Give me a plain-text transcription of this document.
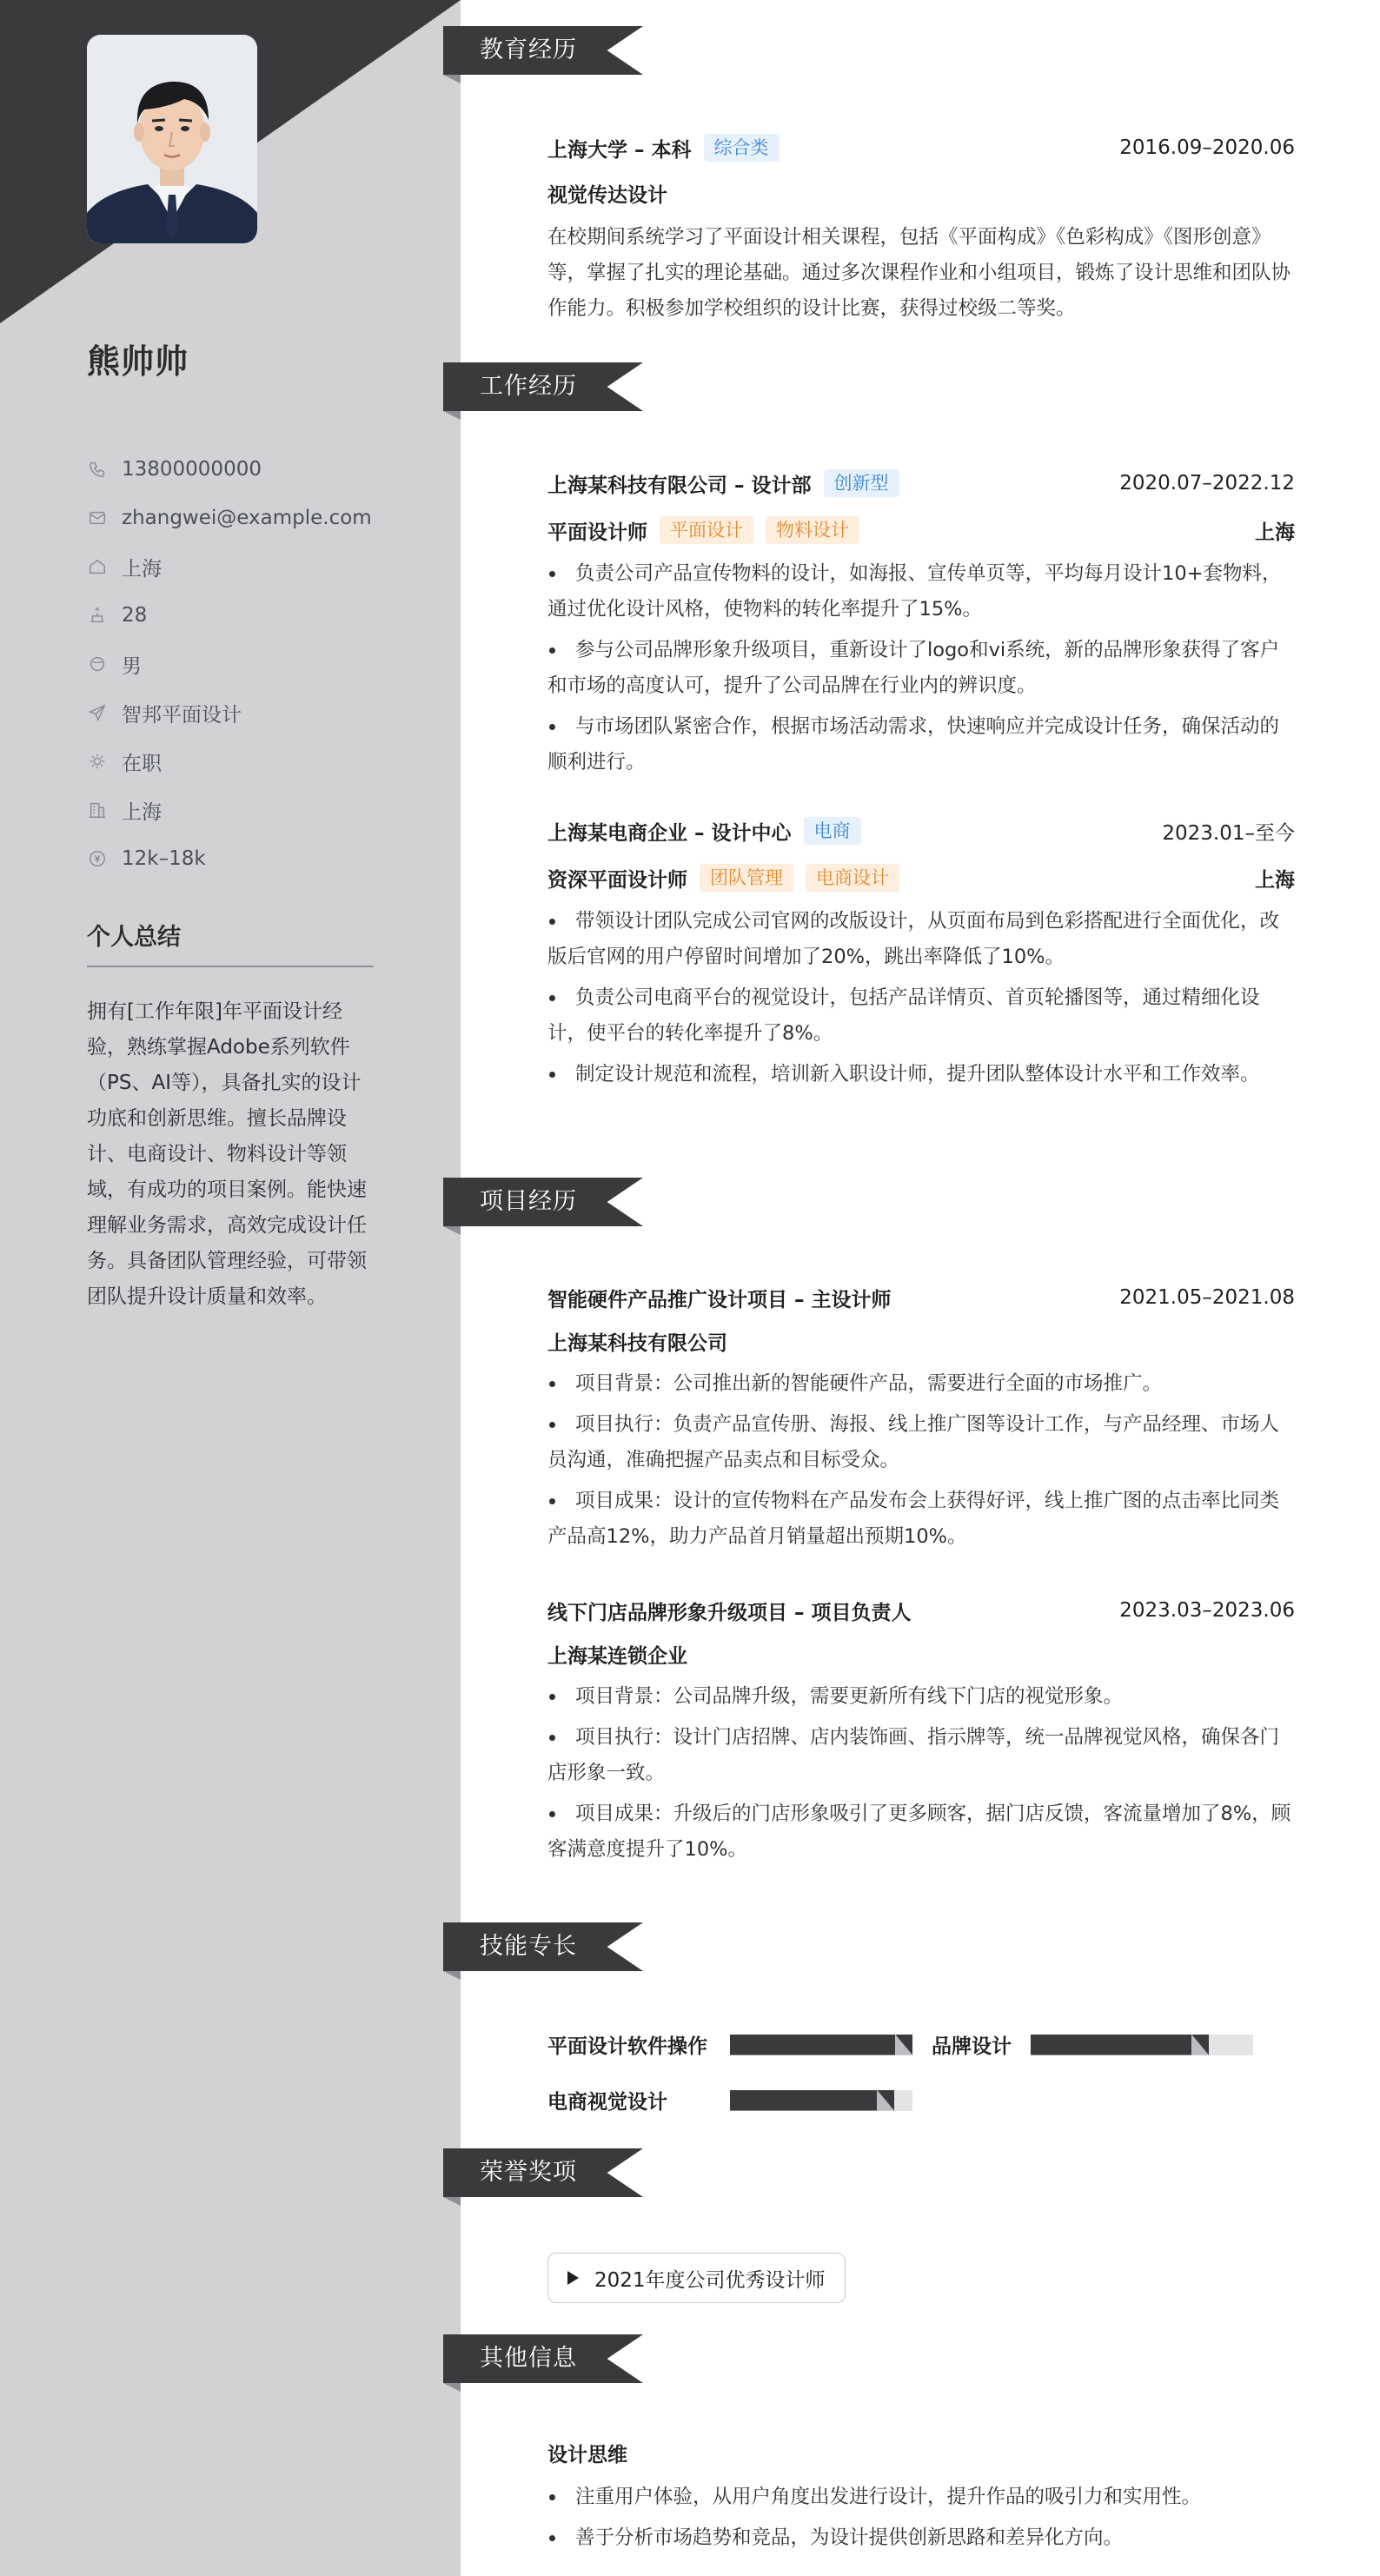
熊帅帅
13800000000
zhangwei@example.com
上海
28
男
智邦平面设计
在职
上海
12k–18k
个人总结
拥有[工作年限]年平面设计经验，熟练掌握Adobe系列软件（PS、AI等），具备扎实的设计功底和创新思维。擅长品牌设计、电商设计、物料设计等领域，有成功的项目案例。能快速理解业务需求，高效完成设计任务。具备团队管理经验，可带领团队提升设计质量和效率。
教育经历
上海大学 – 本科	综合类	2016.09–2020.06
视觉传达设计
在校期间系统学习了平面设计相关课程，包括《平面构成》《色彩构成》《图形创意》等，掌握了扎实的理论基础。通过多次课程作业和小组项目，锻炼了设计思维和团队协作能力。积极参加学校组织的设计比赛，获得过校级二等奖。
工作经历
上海某科技有限公司 – 设计部	创新型	2020.07–2022.12
平面设计师	平面设计	物料设计	上海
负责公司产品宣传物料的设计，如海报、宣传单页等，平均每月设计10+套物料，通过优化设计风格，使物料的转化率提升了15%。
参与公司品牌形象升级项目，重新设计了logo和vi系统，新的品牌形象获得了客户和市场的高度认可，提升了公司品牌在行业内的辨识度。
与市场团队紧密合作，根据市场活动需求，快速响应并完成设计任务，确保活动的顺利进行。
上海某电商企业 – 设计中心	电商	2023.01–至今
资深平面设计师	团队管理	电商设计	上海
带领设计团队完成公司官网的改版设计，从页面布局到色彩搭配进行全面优化，改版后官网的用户停留时间增加了20%，跳出率降低了10%。
负责公司电商平台的视觉设计，包括产品详情页、首页轮播图等，通过精细化设计，使平台的转化率提升了8%。
制定设计规范和流程，培训新入职设计师，提升团队整体设计水平和工作效率。
项目经历
智能硬件产品推广设计项目 – 主设计师	2021.05–2021.08
上海某科技有限公司
项目背景：公司推出新的智能硬件产品，需要进行全面的市场推广。
项目执行：负责产品宣传册、海报、线上推广图等设计工作，与产品经理、市场人员沟通，准确把握产品卖点和目标受众。
项目成果：设计的宣传物料在产品发布会上获得好评，线上推广图的点击率比同类产品高12%，助力产品首月销量超出预期10%。
线下门店品牌形象升级项目 – 项目负责人	2023.03–2023.06
上海某连锁企业
项目背景：公司品牌升级，需要更新所有线下门店的视觉形象。
项目执行：设计门店招牌、店内装饰画、指示牌等，统一品牌视觉风格，确保各门店形象一致。
项目成果：升级后的门店形象吸引了更多顾客，据门店反馈，客流量增加了8%，顾客满意度提升了10%。
技能专长
平面设计软件操作	品牌设计
电商视觉设计
荣誉奖项
2021年度公司优秀设计师
其他信息
设计思维
注重用户体验，从用户角度出发进行设计，提升作品的吸引力和实用性。
善于分析市场趋势和竞品，为设计提供创新思路和差异化方向。
